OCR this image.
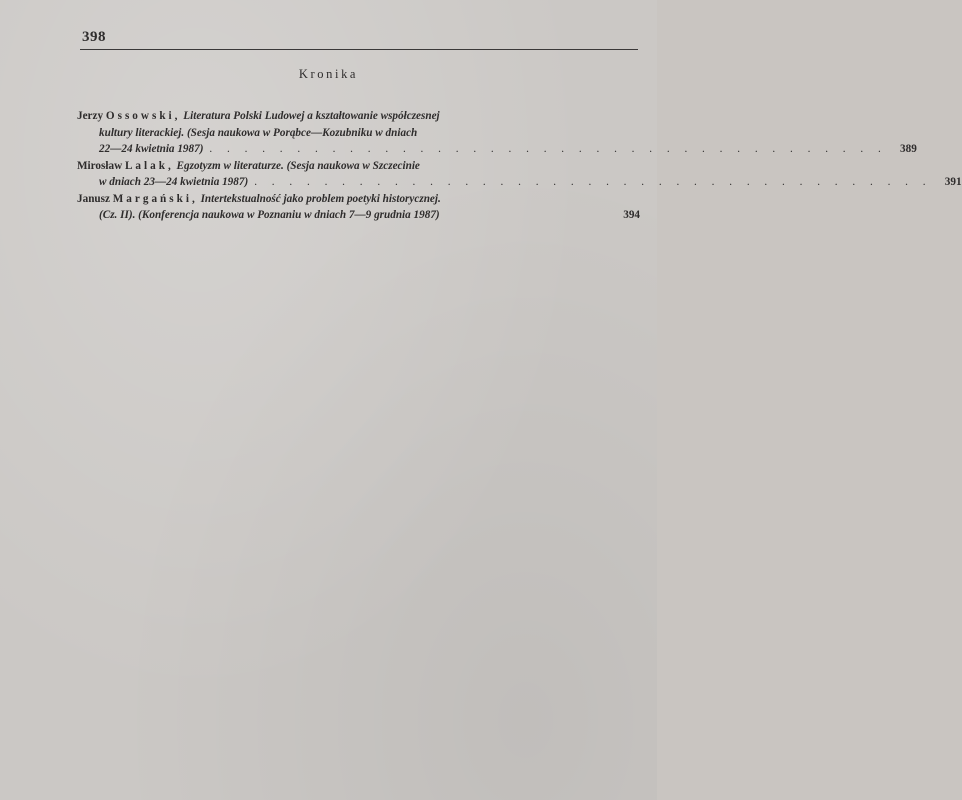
398
Kronika
Jerzy Ossowski, Literatura Polski Ludowej a kształtowanie współczesnej
kultury literackiej. (Sesja naukowa w Porąbce—Kozubniku w dniach
22—24 kwietnia 1987) . . . . . . . . . . . . . . . . . . . . . . . . . . . . . . . . . . . . . . .	389
Mirosław Lalak, Egzotyzm w literaturze. (Sesja naukowa w Szczecinie
w dniach 23—24 kwietnia 1987) . . . . . . . . . . . . . . . . . . . . . . . . . . . . . . . . . . . . . . .	391
Janusz Margański, Intertekstualność jako problem poetyki historycznej.
(Cz. II). (Konferencja naukowa w Poznaniu w dniach 7—9 grudnia 1987)	394
